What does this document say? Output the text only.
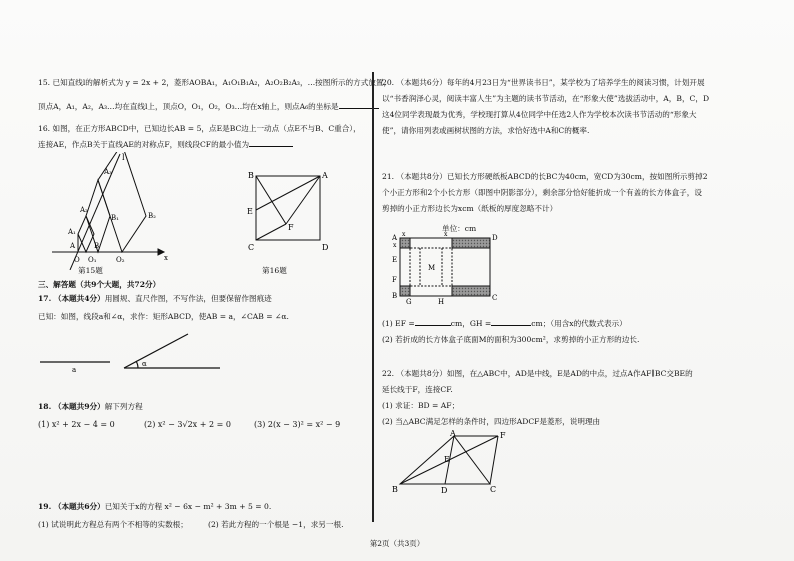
15. 已知直线l的解析式为 y = 2x + 2，菱形AOBA₁，A₁O₁B₁A₂，A₂O₂B₂A₃，…按图所示的方式放置，

顶点A，A₁，A₂，A₃…均在直线l上，顶点O，O₁，O₂，O₃…均在x轴上，则点A₆的坐标是

16. 如图，在正方形ABCD中，已知边长AB = 5，点E是BC边上一动点（点E不与B、C重合），

连接AE，作点B关于直线AE的对称点F，则线段CF的最小值为

l
A₃
A₂
B₂
B₁
A₁
A	B
O O₁	O₂	x

第15题

B	A
E
F
C	D

第16题

三、解答题（共9个大题，共72分）

17. （本题共4分）用圆规、直尺作图，不写作法，但要保留作图痕迹

已知：如图，线段a和∠α，求作：矩形ABCD，使AB = a，∠CAB = ∠α.

a
α

18. （本题共9分）解下列方程

(1) x² + 2x − 4 = 0	(2) x² − 3√2x + 2 = 0	(3) 2(x − 3)² = x² − 9

19. （本题共6分）已知关于x的方程 x² − 6x − m² + 3m + 5 = 0.

(1) 试说明此方程总有两个不相等的实数根；	(2) 若此方程的一个根是 −1，求另一根.

20. （本题共6分）每年的4月23日为“世界读书日”，某学校为了培养学生的阅读习惯，计划开展

以“书香润泽心灵，阅读丰富人生”为主题的读书节活动，在“形象大使”选拔活动中，A，B，C，D

这4位同学表现最为优秀，学校现打算从4位同学中任选2人作为学校本次读书节活动的“形象大

使”，请你用列表或画树状图的方法，求恰好选中A和C的概率.

21. （本题共8分）已知长方形硬纸板ABCD的长BC为40cm，宽CD为30cm，按如图所示剪掉2

个小正方形和2个小长方形（即图中阴影部分），剩余部分恰好能折成一个有盖的长方体盒子，设

剪掉的小正方形边长为xcm（纸板的厚度忽略不计）

单位：cm

A	D
E
F
B
G	H	C
M
x	x
x

(1) EF =	cm，GH =	cm；（用含x的代数式表示）

(2) 若折成的长方体盒子底面M的面积为300cm²，求剪掉的小正方形的边长.

22. （本题共8分）如图，在△ABC中，AD是中线，E是AD的中点，过点A作AF∥BC交BE的

延长线于F，连接CF.

(1) 求证：BD = AF；

(2) 当△ABC满足怎样的条件时，四边形ADCF是菱形，说明理由

A	F
E
B	D	C
第2页（共3页）
